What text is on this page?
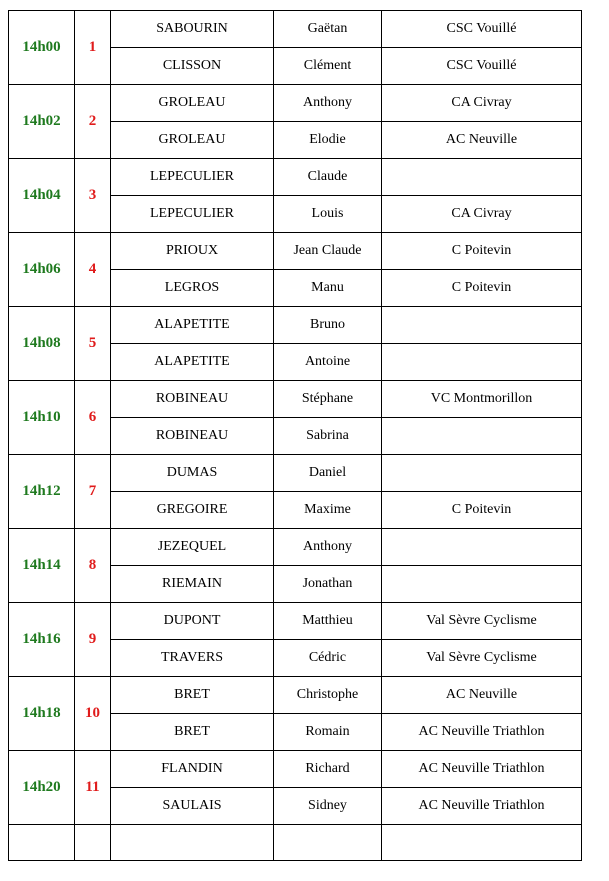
14h00	1	SABOURIN	Gaëtan	CSC Vouillé
		CLISSON	Clément	CSC Vouillé
14h02	2	GROLEAU	Anthony	CA Civray
		GROLEAU	Elodie	AC Neuville
14h04	3	LEPECULIER	Claude	
		LEPECULIER	Louis	CA Civray
14h06	4	PRIOUX	Jean Claude	C Poitevin
		LEGROS	Manu	C Poitevin
14h08	5	ALAPETITE	Bruno	
		ALAPETITE	Antoine	
14h10	6	ROBINEAU	Stéphane	VC Montmorillon
		ROBINEAU	Sabrina	
14h12	7	DUMAS	Daniel	
		GREGOIRE	Maxime	C Poitevin
14h14	8	JEZEQUEL	Anthony	
		RIEMAIN	Jonathan	
14h16	9	DUPONT	Matthieu	Val Sèvre Cyclisme
		TRAVERS	Cédric	Val Sèvre Cyclisme
14h18	10	BRET	Christophe	AC Neuville
		BRET	Romain	AC Neuville Triathlon
14h20	11	FLANDIN	Richard	AC Neuville Triathlon
		SAULAIS	Sidney	AC Neuville Triathlon
